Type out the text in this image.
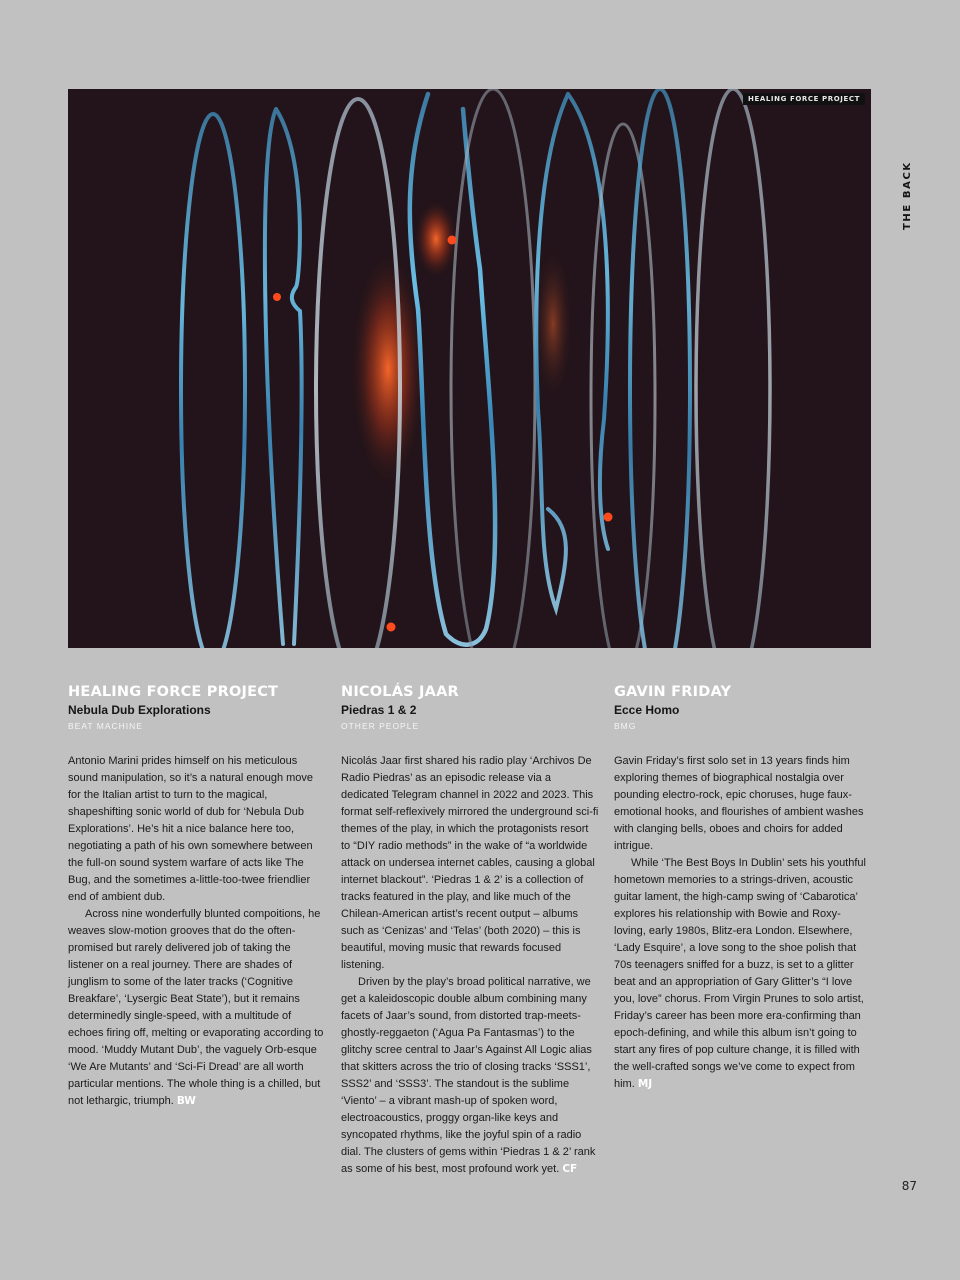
HEALING FORCE PROJECT
THE BACK
HEALING FORCE PROJECT
Nebula Dub Explorations
BEAT MACHINE

Antonio Marini prides himself on his meticulous sound manipulation, so it’s a natural enough move for the Italian artist to turn to the magical, shapeshifting sonic world of dub for ‘Nebula Dub Explorations’. He’s hit a nice balance here too, negotiating a path of his own somewhere between the full-on sound system warfare of acts like The Bug, and the sometimes a-little-too-twee friendlier end of ambient dub.

Across nine wonderfully blunted compoitions, he weaves slow-motion grooves that do the often-promised but rarely delivered job of taking the listener on a real journey. There are shades of junglism to some of the later tracks (‘Cognitive Breakfare’, ‘Lysergic Beat State’), but it remains determinedly single-speed, with a multitude of echoes firing off, melting or evaporating according to mood. ‘Muddy Mutant Dub’, the vaguely Orb-esque ‘We Are Mutants’ and ‘Sci-Fi Dread’ are all worth particular mentions. The whole thing is a chilled, but not lethargic, triumph. BW

NICOLÁS JAAR
Piedras 1 & 2
OTHER PEOPLE

Nicolás Jaar first shared his radio play ‘Archivos De Radio Piedras’ as an episodic release via a dedicated Telegram channel in 2022 and 2023. This format self-reflexively mirrored the underground sci-fi themes of the play, in which the protagonists resort to “DIY radio methods” in the wake of “a worldwide attack on undersea internet cables, causing a global internet blackout”. ‘Piedras 1 & 2’ is a collection of tracks featured in the play, and like much of the Chilean-American artist’s recent output – albums such as ‘Cenizas’ and ‘Telas’ (both 2020) – this is beautiful, moving music that rewards focused listening.

Driven by the play’s broad political narrative, we get a kaleidoscopic double album combining many facets of Jaar’s sound, from distorted trap-meets-ghostly-reggaeton (‘Agua Pa Fantasmas’) to the glitchy scree central to Jaar’s Against All Logic alias that skitters across the trio of closing tracks ‘SSS1’, SSS2’ and ‘SSS3’. The standout is the sublime ‘Viento’ – a vibrant mash-up of spoken word, electroacoustics, proggy organ-like keys and syncopated rhythms, like the joyful spin of a radio dial. The clusters of gems within ‘Piedras 1 & 2’ rank as some of his best, most profound work yet. CF

GAVIN FRIDAY
Ecce Homo
BMG

Gavin Friday’s first solo set in 13 years finds him exploring themes of biographical nostalgia over pounding electro-rock, epic choruses, huge faux-emotional hooks, and flourishes of ambient washes with clanging bells, oboes and choirs for added intrigue.

While ‘The Best Boys In Dublin’ sets his youthful hometown memories to a strings-driven, acoustic guitar lament, the high-camp swing of ‘Cabarotica’ explores his relationship with Bowie and Roxy-loving, early 1980s, Blitz-era London. Elsewhere, ‘Lady Esquire’, a love song to the shoe polish that 70s teenagers sniffed for a buzz, is set to a glitter beat and an appropriation of Gary Glitter’s “I love you, love” chorus. From Virgin Prunes to solo artist, Friday’s career has been more era-confirming than epoch-defining, and while this album isn’t going to start any fires of pop culture change, it is filled with the well-crafted songs we’ve come to expect from him. MJ

87
